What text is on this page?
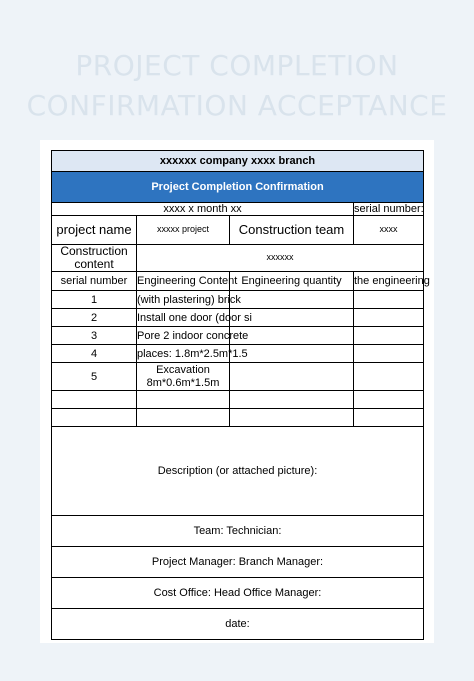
PROJECT COMPLETION
CONFIRMATION ACCEPTANCE
xxxxxx company xxxx branch			
Project Completion Confirmation			
xxxx x month xx			serial number:
project name	xxxxx project	Construction team	xxxx
Construction content	xxxxxx		
serial number	Engineering Content	Engineering quantity	the engineering
1	(with plastering) brick		
2	Install one door (door si		
3	Pore 2 indoor concrete		
4	places: 1.8m*2.5m*1.5		
5	Excavation 8m*0.6m*1.5m		

Description (or attached picture):			
Team: Technician:			
Project Manager: Branch Manager:			
Cost Office: Head Office Manager:			
date:			
